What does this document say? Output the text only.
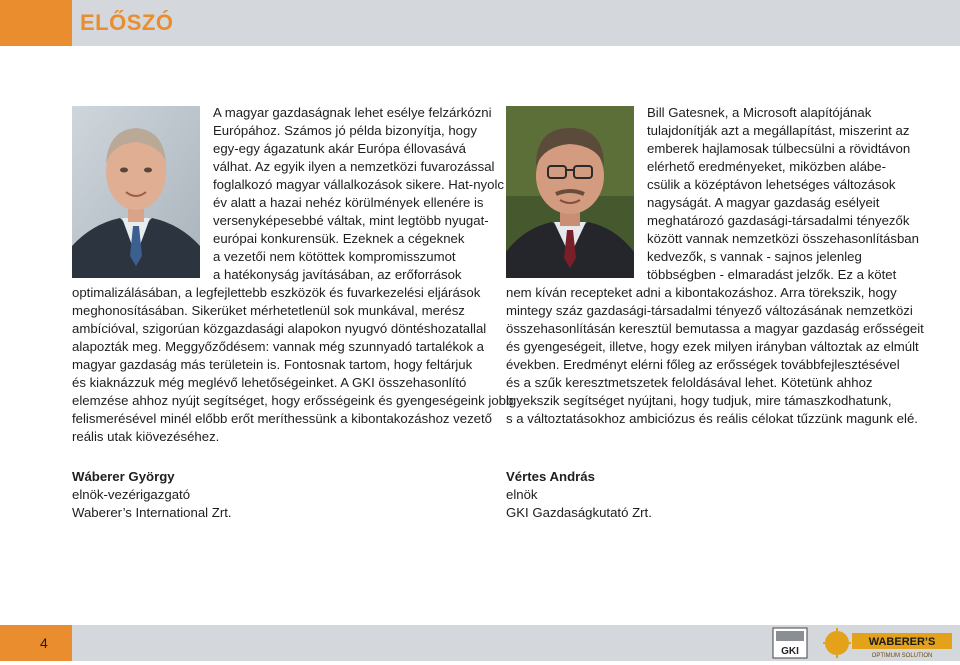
ELŐSZÓ
A magyar gazdaságnak lehet esélye felzárkózni
Európához. Számos jó példa bizonyítja, hogy
egy-egy ágazatunk akár Európa éllovasává
válhat. Az egyik ilyen a nemzetközi fuvarozással
foglalkozó magyar vállalkozások sikere. Hat-nyolc
év alatt a hazai nehéz körülmények ellenére is
versenyképesebbé váltak, mint legtöbb nyugat-
európai konkurensük. Ezeknek a cégeknek
a vezetői nem kötöttek kompromisszumot
a hatékonyság javításában, az erőforrások
optimalizálásában, a legfejlettebb eszközök és fuvarkezelési eljárások
meghonosításában. Sikerüket mérhetetlenül sok munkával, merész
ambícióval, szigorúan közgazdasági alapokon nyugvó döntéshozatallal
alapozták meg. Meggyőződésem: vannak még szunnyadó tartalékok a
magyar gazdaság más területein is. Fontosnak tartom, hogy feltárjuk
és kiaknázzuk még meglévő lehetőségeinket. A GKI összehasonlító
elemzése ahhoz nyújt segítséget, hogy erősségeink és gyengeségeink jobb
felismerésével minél előbb erőt meríthessünk a kibontakozáshoz vezető
reális utak kiövezéséhez.
Wáberer György
elnök-vezérigazgató
Waberer’s International Zrt.
Bill Gatesnek, a Microsoft alapítójának
tulajdonítják azt a megállapítást, miszerint az
emberek hajlamosak túlbecsülni a rövidtávon
elérhető eredményeket, miközben alábe-
csülik a középtávon lehetséges változások
nagyságát. A magyar gazdaság esélyeit
meghatározó gazdasági-társadalmi tényezők
között vannak nemzetközi összehasonlításban
kedvezők, s vannak - sajnos jelenleg
többségben - elmaradást jelzők. Ez a kötet
nem kíván recepteket adni a kibontakozáshoz. Arra törekszik, hogy
mintegy száz gazdasági-társadalmi tényező változásának nemzetközi
összehasonlításán keresztül bemutassa a magyar gazdaság erősségeit
és gyengeségeit, illetve, hogy ezek milyen irányban változtak az elmúlt
években. Eredményt elérni főleg az erősségek továbbfejlesztésével
és a szűk keresztmetszetek feloldásával lehet. Kötetünk ahhoz
igyekszik segítséget nyújtani, hogy tudjuk, mire támaszkodhatunk,
s a változtatásokhoz ambiciózus és reális célokat tűzzünk magunk elé.
Vértes András
elnök
GKI Gazdaságkutató Zrt.
4
GKI
WABERER’S
OPTIMUM SOLUTION
